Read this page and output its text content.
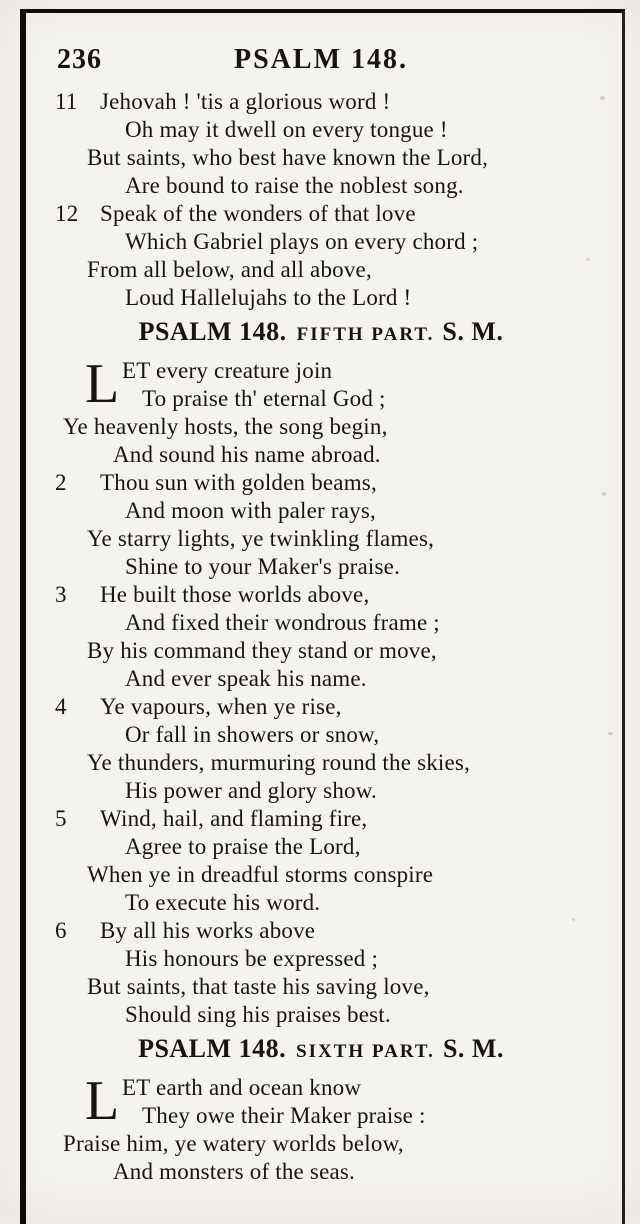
236	PSALM 148.

11 Jehovah ! 'tis a glorious word !

Oh may it dwell on every tongue !

But saints, who best have known the Lord,

Are bound to raise the noblest song.

12 Speak of the wonders of that love

Which Gabriel plays on every chord ;

From all below, and all above,

Loud Hallelujahs to the Lord !

PSALM 148. FIFTH PART. S. M.

L ET every creature join

To praise th' eternal God ;

Ye heavenly hosts, the song begin,

And sound his name abroad.

2	Thou sun with golden beams,

And moon with paler rays,

Ye starry lights, ye twinkling flames,

Shine to your Maker's praise.

3	He built those worlds above,

And fixed their wondrous frame ;

By his command they stand or move,

And ever speak his name.

4	Ye vapours, when ye rise,

Or fall in showers or snow,

Ye thunders, murmuring round the skies,

His power and glory show.

5	Wind, hail, and flaming fire,

Agree to praise the Lord,

When ye in dreadful storms conspire

To execute his word.

6	By all his works above

His honours be expressed ;

But saints, that taste his saving love,

Should sing his praises best.

PSALM 148. SIXTH PART. S. M.

L ET earth and ocean know

They owe their Maker praise :

Praise him, ye watery worlds below,

And monsters of the seas.
